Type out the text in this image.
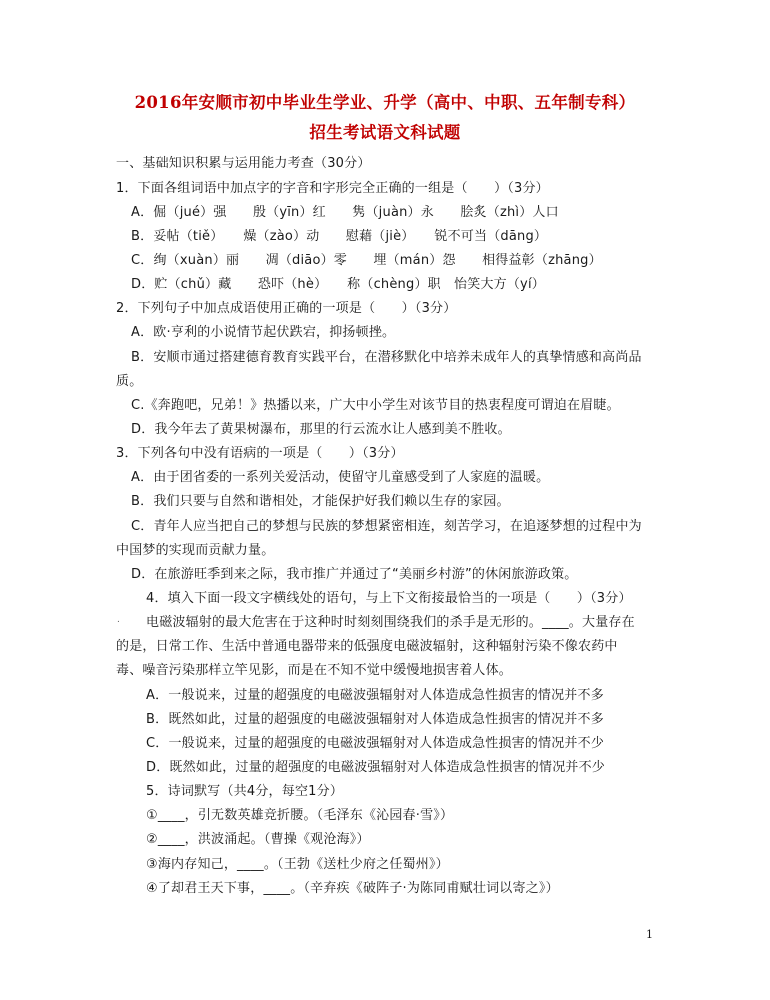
2016年安顺市初中毕业生学业、升学（高中、中职、五年制专科）
招生考试语文科试题
.
一、基础知识积累与运用能力考查（30分）
1．下面各组词语中加点字的字音和字形完全正确的一组是（　　）（3分）
A．倔（jué）强　　殷（yīn）红　　隽（juàn）永　　脍炙（zhì）人口
B．妥帖（tiě）　　燥（zào）动　　慰藉（jiè）　　锐不可当（dāng）
C．绚（xuàn）丽　　凋（diāo）零　　埋（mán）怨　　相得益彰（zhāng）
D．贮（chǔ）藏　　恐吓（hè）　　称（chèng）职　怡笑大方（yí）
2．下列句子中加点成语使用正确的一项是（　　）（3分）
A．欧·亨利的小说情节起伏跌宕，抑扬顿挫。
B．安顺市通过搭建德育教育实践平台，在潜移默化中培养未成年人的真挚情感和高尚品
质。
C.《奔跑吧，兄弟！》热播以来，广大中小学生对该节目的热衷程度可谓迫在眉睫。
D．我今年去了黄果树瀑布，那里的行云流水让人感到美不胜收。
3．下列各句中没有语病的一项是（　　）（3分）
A．由于团省委的一系列关爱活动，使留守儿童感受到了人家庭的温暖。
B．我们只要与自然和谐相处，才能保护好我们赖以生存的家园。
C．青年人应当把自己的梦想与民族的梦想紧密相连，刻苦学习，在追逐梦想的过程中为
中国梦的实现而贡献力量。
D．在旅游旺季到来之际，我市推广并通过了“美丽乡村游”的休闲旅游政策。
4．填入下面一段文字横线处的语句，与上下文衔接最恰当的一项是（　　）（3分）
电磁波辐射的最大危害在于这种时时刻刻围绕我们的杀手是无形的。____。大量存在
的是，日常工作、生活中普通电器带来的低强度电磁波辐射，这种辐射污染不像农药中
毒、噪音污染那样立竿见影，而是在不知不觉中缓慢地损害着人体。
A．一般说来，过量的超强度的电磁波强辐射对人体造成急性损害的情况并不多
B．既然如此，过量的超强度的电磁波强辐射对人体造成急性损害的情况并不多
C．一般说来，过量的超强度的电磁波强辐射对人体造成急性损害的情况并不少
D．既然如此，过量的超强度的电磁波强辐射对人体造成急性损害的情况并不少
5．诗词默写（共4分，每空1分）
①____，引无数英雄竞折腰。（毛泽东《沁园春·雪》）
②____，洪波涌起。（曹操《观沧海》）
③海内存知己，____。（王勃《送杜少府之任蜀州》）
④了却君王天下事，____。（辛弃疾《破阵子·为陈同甫赋壮词以寄之》）
1
